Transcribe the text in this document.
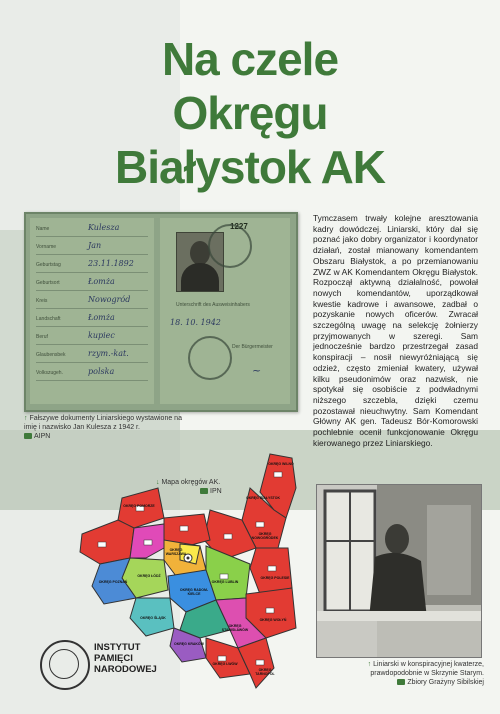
Na czele
Okręgu
Białystok AK
Name
Vorname
Geburtstag
Geburtsort
Kreis
Landschaft
Beruf
Glaubensbek
Volkszugeh.
Kulesza
Jan
23.11.1892
Łomża
Nowogród
Łomża
kupiec
rzym.-kat.
polska
1227
Unterschrift des Ausweisinhabers
18. 10. 1942
Der Bürgermeister
~
↑ Fałszywe dokumenty Liniarskiego wystawione na imię i nazwisko Jan Kulesza z 1942 r.
AIPN
Tymczasem trwały kolejne aresztowania kadry dowódczej. Liniarski, który dał się poznać jako dobry organizator i koordynator działań, został mianowany komendantem Obszaru Białystok, a po przemianowaniu ZWZ w AK Komendantem Okręgu Białystok. Rozpoczął aktywną działalność, powołał nowych komendantów, uporządkował kwestie kadrowe i awansowe, zadbał o pozyskanie nowych oficerów. Zwracał szczególną uwagę na selekcję żołnierzy przyjmowanych w szeregi. Sam jednocześnie bardzo przestrzegał zasad konspiracji – nosił niewyróżniającą się odzież, często zmieniał kwatery, używał kilku pseudonimów oraz nazwisk, nie spotykał się osobiście z podwładnymi niższego szczebla, dzięki czemu pozostawał nieuchwytny. Sam Komendant Główny AK gen. Tadeusz Bór-Komorowski pochlebnie ocenił funkcjonowanie Okręgu kierowanego przez Liniarskiego.
↓ Mapa okręgów AK.
IPN
OKRĘG BIAŁYSTOK
OKRĘG WILNO
OKRĘG NOWOGRÓDEK
OKRĘG POLESIE
OKRĘG WOŁYŃ
OKRĘG LWÓW
OKRĘG TARNOPOL
OKRĘG STANISŁAWÓW
OKRĘG KRAKÓW
OKRĘG ŚLĄSK
OKRĘG RADOM-KIELCE
OKRĘG ŁÓDŹ
OKRĘG POZNAŃ
OKRĘG POMORZE
OKRĘG WARSZAWA
OKRĘG LUBLIN
↑ Liniarski w konspiracyjnej kwaterze, prawdopodobnie w Skrzynie Starym.
Zbiory Grażyny Sibilskiej
INSTYTUT
PAMIĘCI
NARODOWEJ
